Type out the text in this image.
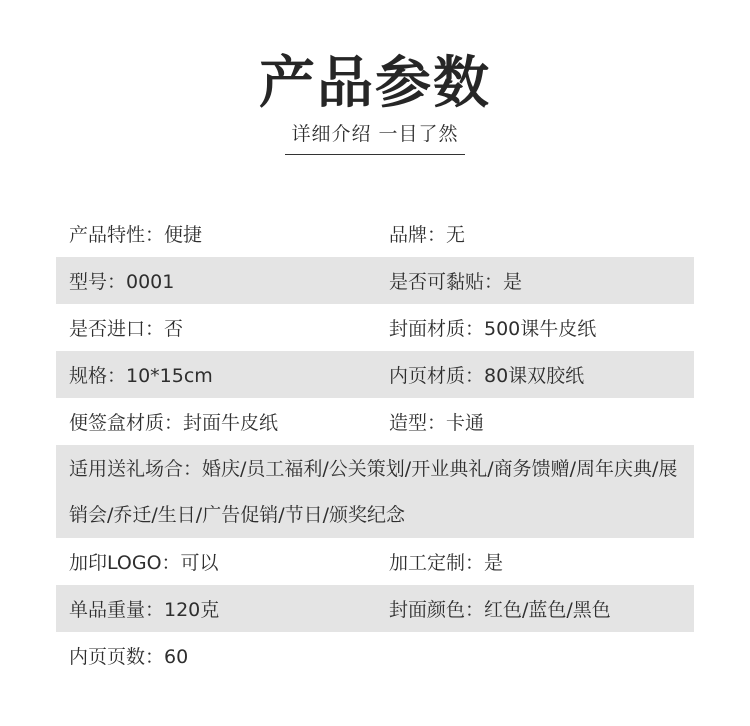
产品参数
详细介绍 一目了然
产品特性：便捷	品牌：无
型号：0001	是否可黏贴：是
是否进口：否	封面材质：500课牛皮纸
规格：10*15cm	内页材质：80课双胶纸
便签盒材质：封面牛皮纸	造型：卡通
适用送礼场合：婚庆/员工福利/公关策划/开业典礼/商务馈赠/周年庆典/展销会/乔迁/生日/广告促销/节日/颁奖纪念
加印LOGO：可以	加工定制：是
单品重量：120克	封面颜色：红色/蓝色/黑色
内页页数：60
